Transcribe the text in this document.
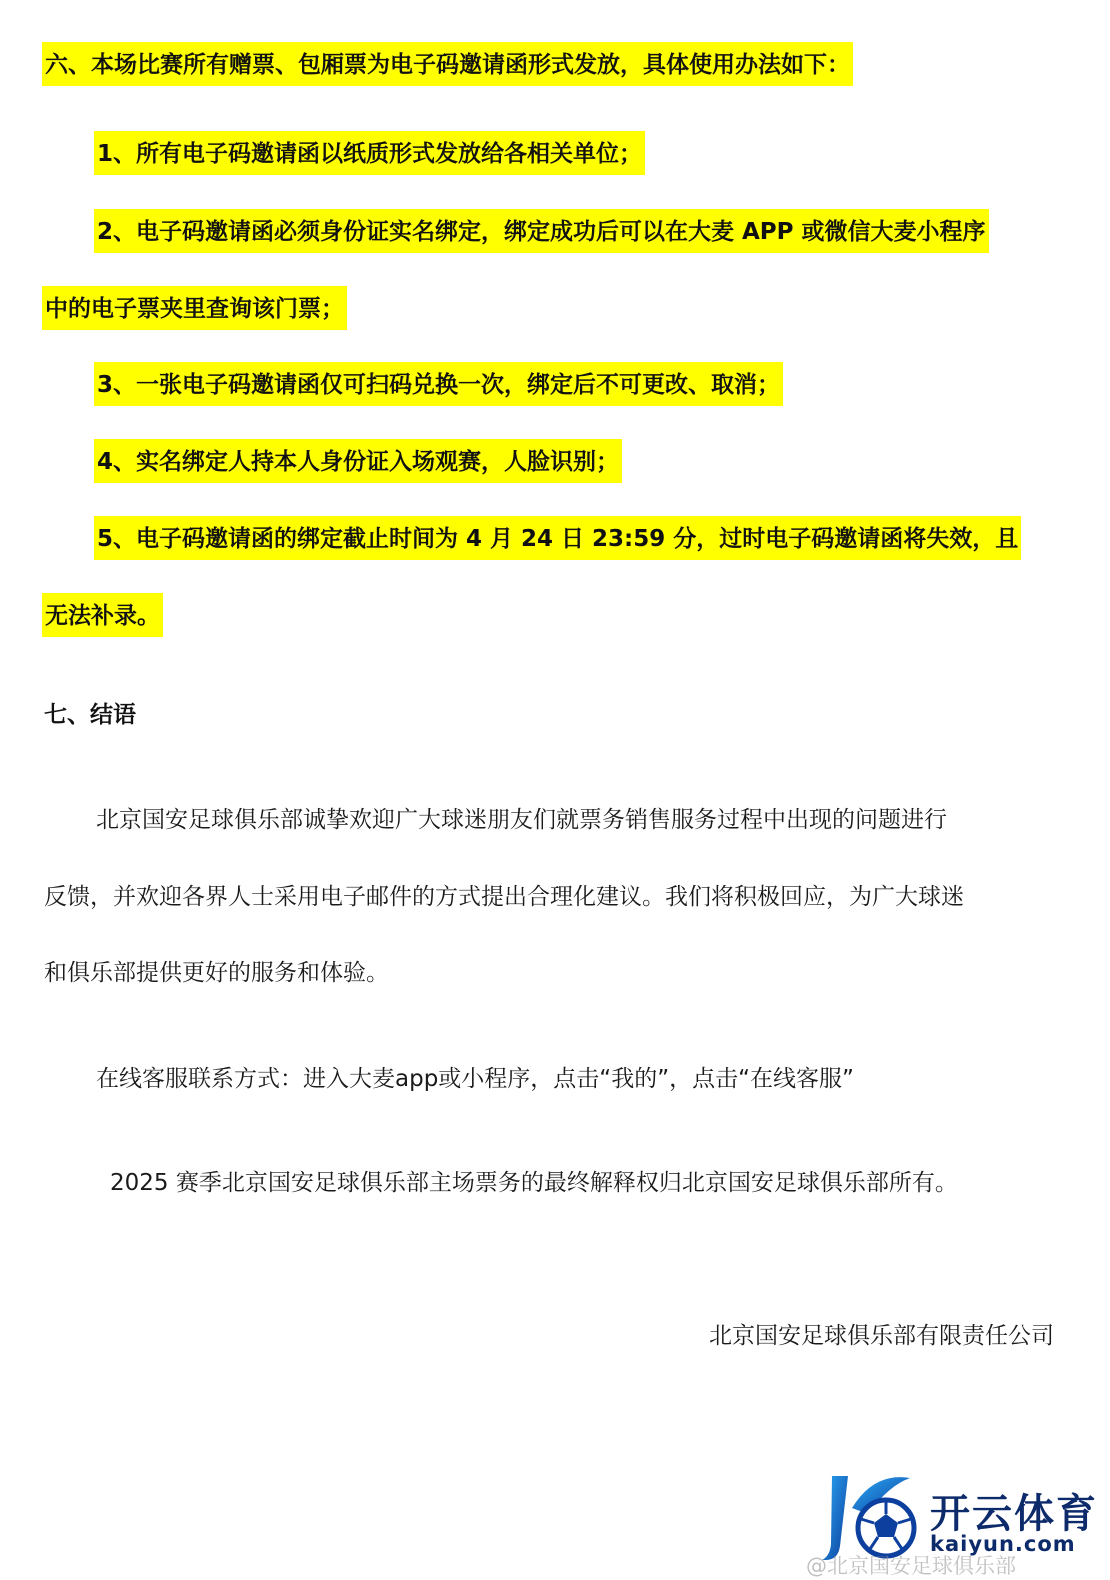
六、本场比赛所有赠票、包厢票为电子码邀请函形式发放，具体使用办法如下：
1、所有电子码邀请函以纸质形式发放给各相关单位；
2、电子码邀请函必须身份证实名绑定，绑定成功后可以在大麦 APP 或微信大麦小程序
中的电子票夹里查询该门票；
3、一张电子码邀请函仅可扫码兑换一次，绑定后不可更改、取消；
4、实名绑定人持本人身份证入场观赛，人脸识别；
5、电子码邀请函的绑定截止时间为 4 月 24 日 23:59 分，过时电子码邀请函将失效，且
无法补录。
七、结语
北京国安足球俱乐部诚挚欢迎广大球迷朋友们就票务销售服务过程中出现的问题进行
反馈，并欢迎各界人士采用电子邮件的方式提出合理化建议。我们将积极回应，为广大球迷
和俱乐部提供更好的服务和体验。
在线客服联系方式：进入大麦app或小程序，点击“我的”，点击“在线客服”
2025 赛季北京国安足球俱乐部主场票务的最终解释权归北京国安足球俱乐部所有。
北京国安足球俱乐部有限责任公司
开云体育
kaiyun.com
@北京国安足球俱乐部
